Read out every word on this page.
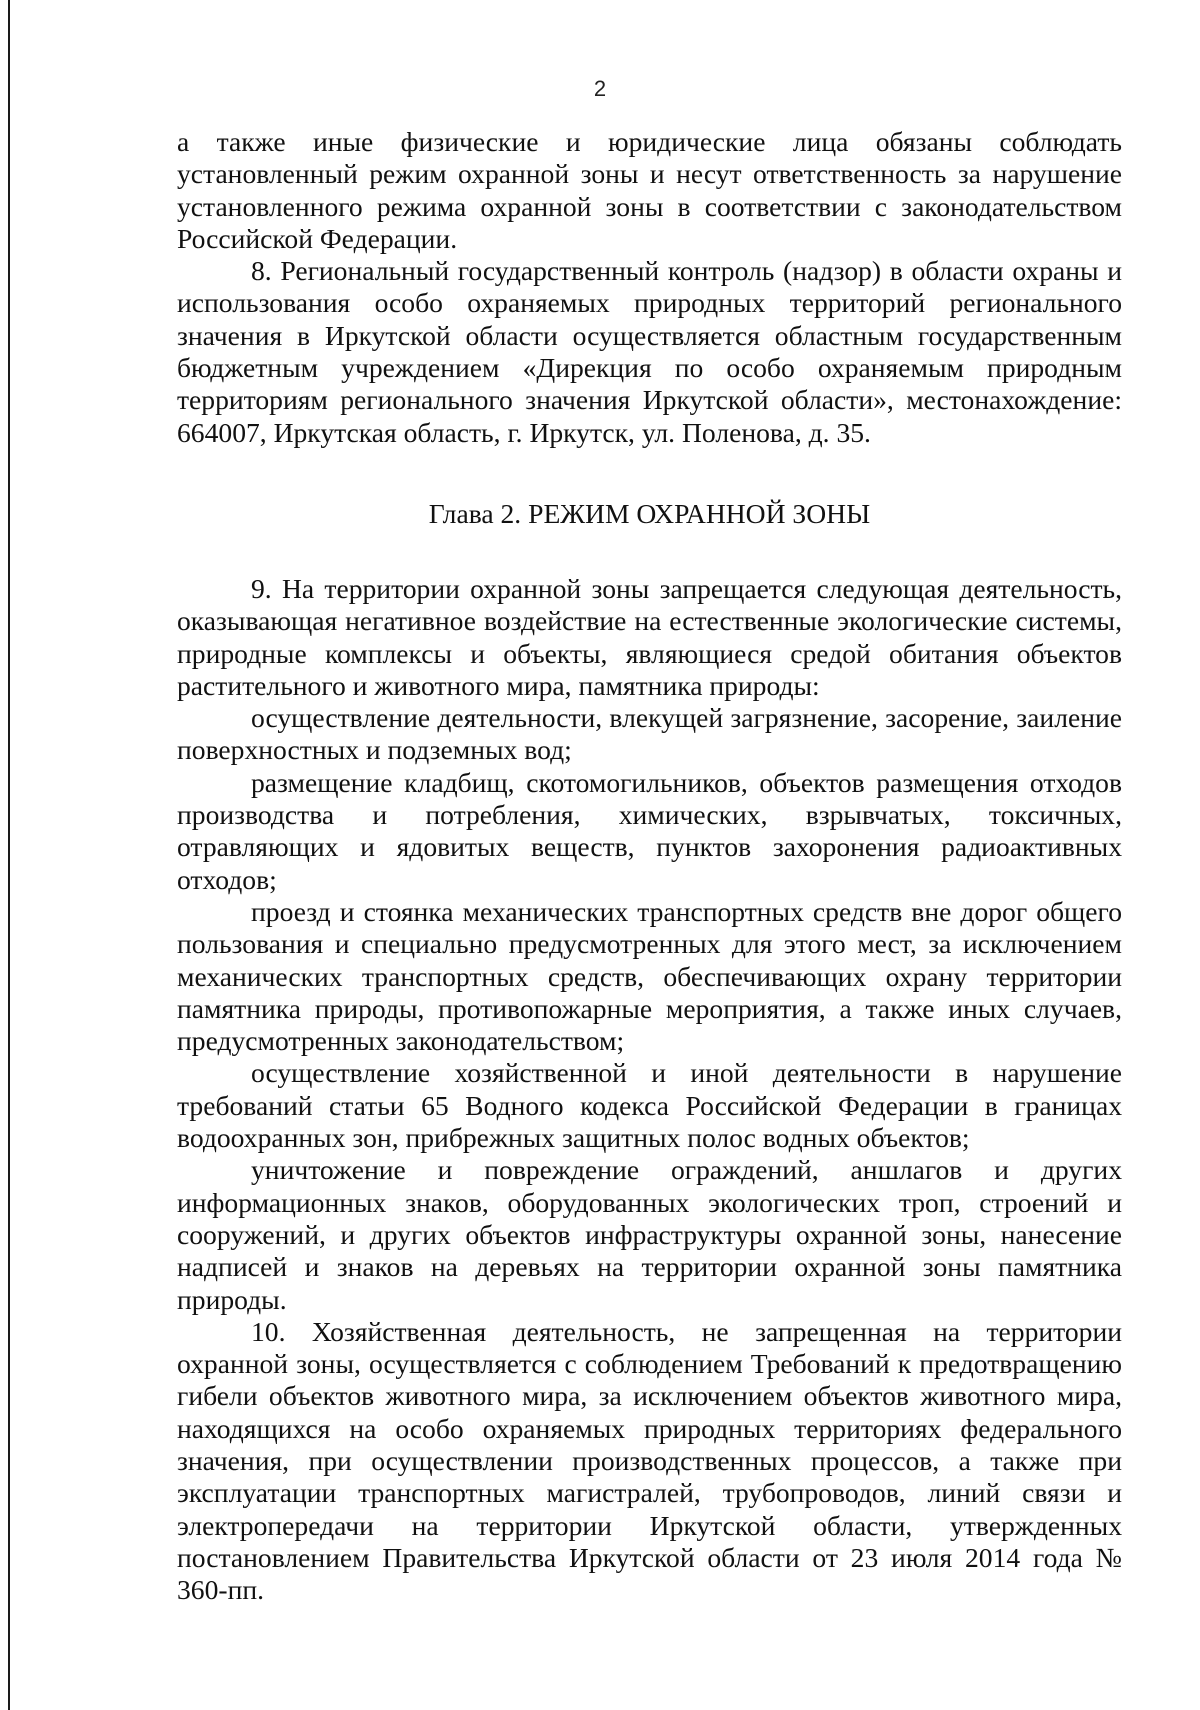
2

а также иные физические и юридические лица обязаны соблюдать установленный режим охранной зоны и несут ответственность за нарушение установленного режима охранной зоны в соответствии с законодательством Российской Федерации.

8. Региональный государственный контроль (надзор) в области охраны и использования особо охраняемых природных территорий регионального значения в Иркутской области осуществляется областным государственным бюджетным учреждением «Дирекция по особо охраняемым природным территориям регионального значения Иркутской области», местонахождение: 664007, Иркутская область, г. Иркутск, ул. Поленова, д. 35.

Глава 2. РЕЖИМ ОХРАННОЙ ЗОНЫ

9. На территории охранной зоны запрещается следующая деятельность, оказывающая негативное воздействие на естественные экологические системы, природные комплексы и объекты, являющиеся средой обитания объектов растительного и животного мира, памятника природы:

осуществление деятельности, влекущей загрязнение, засорение, заиление поверхностных и подземных вод;

размещение кладбищ, скотомогильников, объектов размещения отходов производства и потребления, химических, взрывчатых, токсичных, отравляющих и ядовитых веществ, пунктов захоронения радиоактивных отходов;

проезд и стоянка механических транспортных средств вне дорог общего пользования и специально предусмотренных для этого мест, за исключением механических транспортных средств, обеспечивающих охрану территории памятника природы, противопожарные мероприятия, а также иных случаев, предусмотренных законодательством;

осуществление хозяйственной и иной деятельности в нарушение требований статьи 65 Водного кодекса Российской Федерации в границах водоохранных зон, прибрежных защитных полос водных объектов;

уничтожение и повреждение ограждений, аншлагов и других информационных знаков, оборудованных экологических троп, строений и сооружений, и других объектов инфраструктуры охранной зоны, нанесение надписей и знаков на деревьях на территории охранной зоны памятника природы.

10. Хозяйственная деятельность, не запрещенная на территории охранной зоны, осуществляется с соблюдением Требований к предотвращению гибели объектов животного мира, за исключением объектов животного мира, находящихся на особо охраняемых природных территориях федерального значения, при осуществлении производственных процессов, а также при эксплуатации транспортных магистралей, трубопроводов, линий связи и электропередачи на территории Иркутской области, утвержденных постановлением Правительства Иркутской области от 23 июля 2014 года № 360-пп.
